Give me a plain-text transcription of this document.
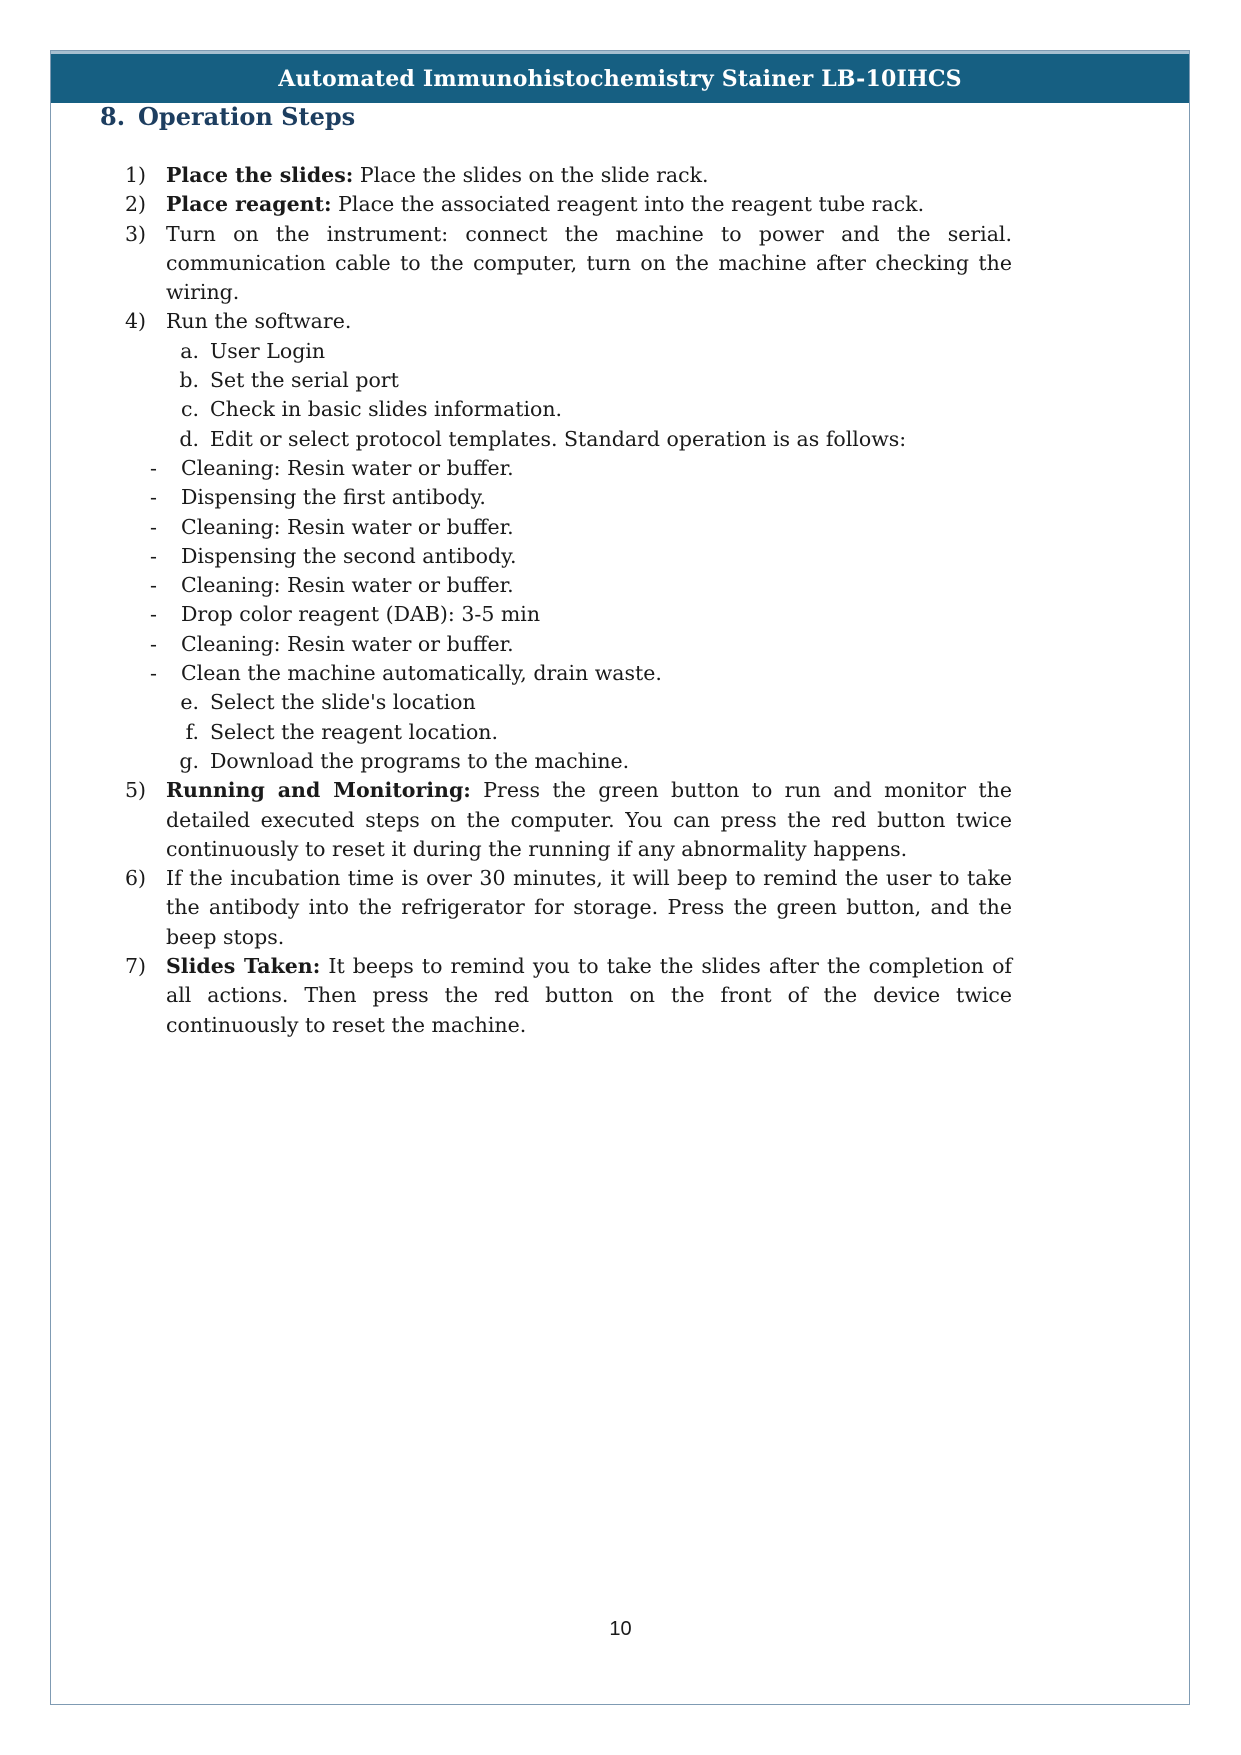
Automated Immunohistochemistry Stainer LB-10IHCS
8. Operation Steps
1) Place the slides: Place the slides on the slide rack.
2) Place reagent: Place the associated reagent into the reagent tube rack.
3) Turn on the instrument: connect the machine to power and the serial. communication cable to the computer, turn on the machine after checking the wiring.
4) Run the software.
a. User Login
b. Set the serial port
c. Check in basic slides information.
d. Edit or select protocol templates. Standard operation is as follows:
- Cleaning: Resin water or buffer.
- Dispensing the first antibody.
- Cleaning: Resin water or buffer.
- Dispensing the second antibody.
- Cleaning: Resin water or buffer.
- Drop color reagent (DAB): 3-5 min
- Cleaning: Resin water or buffer.
- Clean the machine automatically, drain waste.
e. Select the slide's location
f. Select the reagent location.
g. Download the programs to the machine.
5) Running and Monitoring: Press the green button to run and monitor the detailed executed steps on the computer. You can press the red button twice continuously to reset it during the running if any abnormality happens.
6) If the incubation time is over 30 minutes, it will beep to remind the user to take the antibody into the refrigerator for storage. Press the green button, and the beep stops.
7) Slides Taken: It beeps to remind you to take the slides after the completion of all actions. Then press the red button on the front of the device twice continuously to reset the machine.
10
